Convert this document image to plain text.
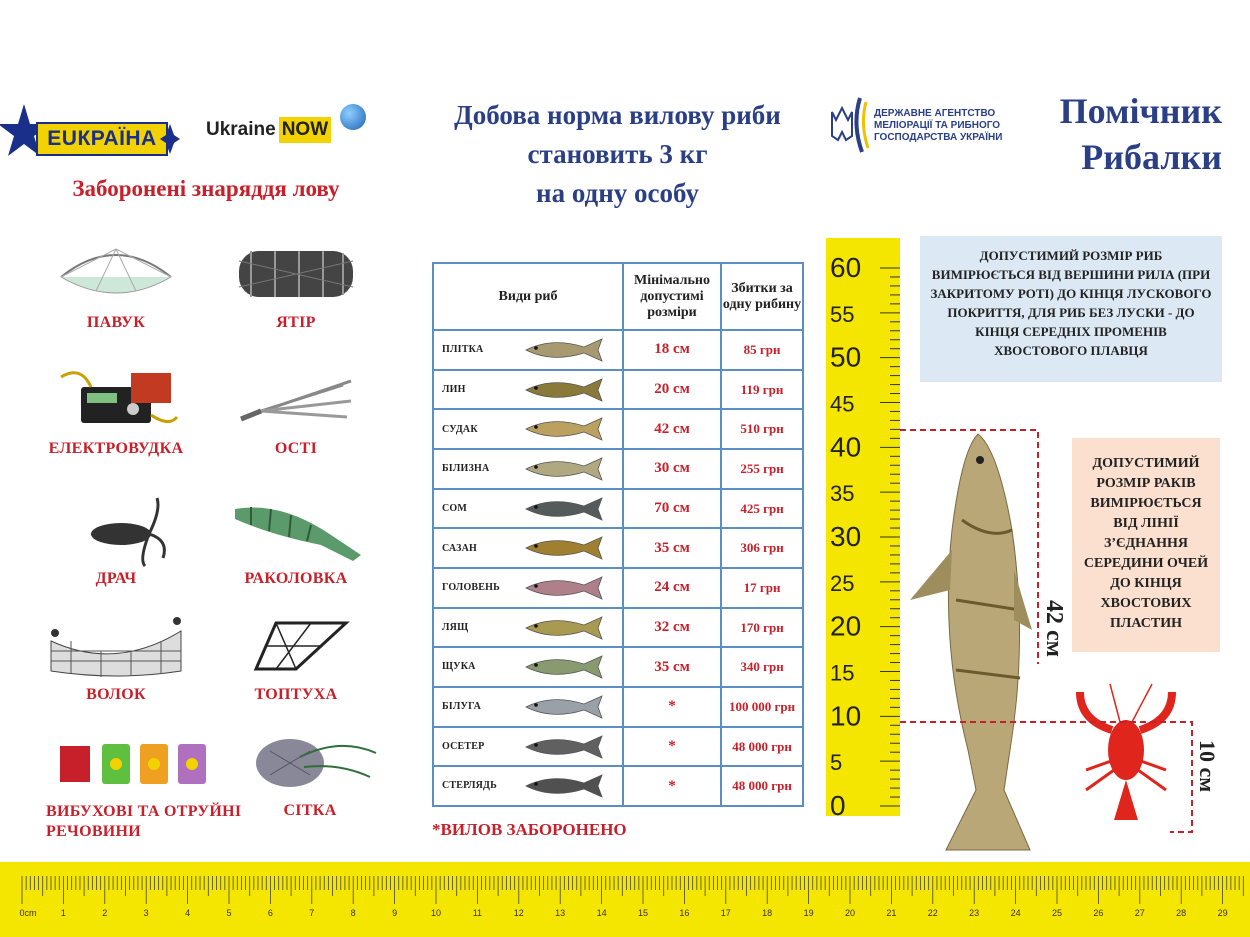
EUКРАЇНА	Ukraine NOW
Заборонені знаряддя лову
Добова норма вилову риби
становить 3 кг
на одну особу
ДЕРЖАВНЕ АГЕНТСТВО
МЕЛІОРАЦІЇ ТА РИБНОГО
ГОСПОДАРСТВА УКРАЇНИ
Помічник
Рибалки
ПАВУК	ЯТІР
ЕЛЕКТРОВУДКА	ОСТІ
ДРАЧ	РАКОЛОВКА
ВОЛОК	ТОПТУХА
ВИБУХОВІ ТА ОТРУЙНІ РЕЧОВИНИ
СІТКА
Види риб	Мінімально допустимі розміри	Збитки за одну рибину
ПЛІТКА	18 см	85 грн
ЛИН	20 см	119 грн
СУДАК	42 см	510 грн
БІЛИЗНА	30 см	255 грн
СОМ	70 см	425 грн
САЗАН	35 см	306 грн
ГОЛОВЕНЬ	24 см	17 грн
ЛЯЩ	32 см	170 грн
ЩУКА	35 см	340 грн
БІЛУГА	*	100 000 грн
ОСЕТЕР	*	48 000 грн
СТЕРЛЯДЬ	*	48 000 грн
*ВИЛОВ ЗАБОРОНЕНО
60
55
50
45
40
35
30
25
20
15
10
5
0
ДОПУСТИМИЙ РОЗМІР РИБ ВИМІРЮЄТЬСЯ ВІД ВЕРШИНИ РИЛА (ПРИ ЗАКРИТОМУ РОТІ) ДО КІНЦЯ ЛУСКОВОГО ПОКРИТТЯ, ДЛЯ РИБ БЕЗ ЛУСКИ - ДО КІНЦЯ СЕРЕДНІХ ПРОМЕНІВ ХВОСТОВОГО ПЛАВЦЯ
42 см
ДОПУСТИМИЙ РОЗМІР РАКІВ ВИМІРЮЄТЬСЯ ВІД ЛІНІЇ З’ЄДНАННЯ СЕРЕДИНИ ОЧЕЙ ДО КІНЦЯ ХВОСТОВИХ ПЛАСТИН
10 см
0cm	1	2	3	4	5	6	7	8	9	10	11	12	13	14	15	16	17	18	19	20	21	22	23	24	25	26	27	28	29
